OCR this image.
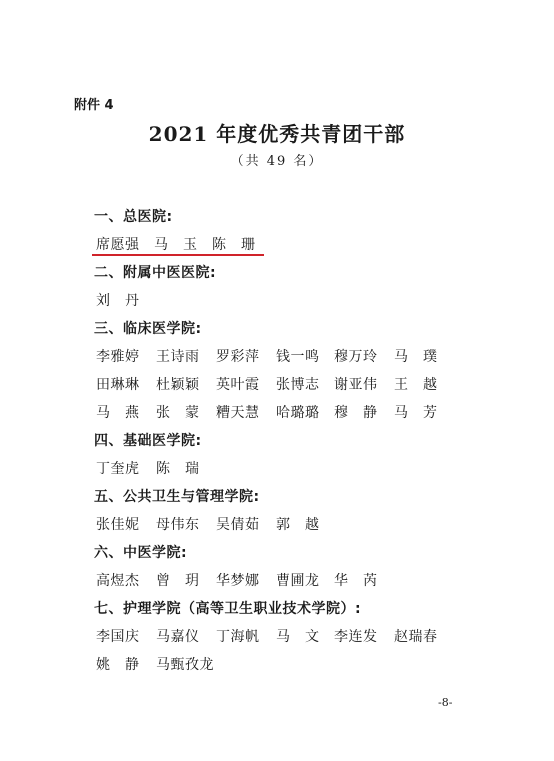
附件 4
2021 年度优秀共青团干部
（共 49 名）
一、总医院:
席愿强 马　玉 陈　珊
二、附属中医医院:
刘　丹
三、临床医学院:
李雅婷 王诗雨 罗彩萍 钱一鸣 穆万玲 马　璞
田琳琳 杜颖颖 英叶霞 张博志 谢亚伟 王　越
马　燕 张　蒙 糟天慧 哈璐璐 穆　静 马　芳
四、基础医学院:
丁奎虎 陈　瑞
五、公共卫生与管理学院:
张佳妮 母伟东 吴倩茹 郭　越
六、中医学院:
高煜杰 曾　玥 华梦娜 曹圃龙 华　芮
七、护理学院（高等卫生职业技术学院）:
李国庆 马嘉仪 丁海帆 马　文 李连发 赵瑞春
姚　静 马甄孜龙
-8-
